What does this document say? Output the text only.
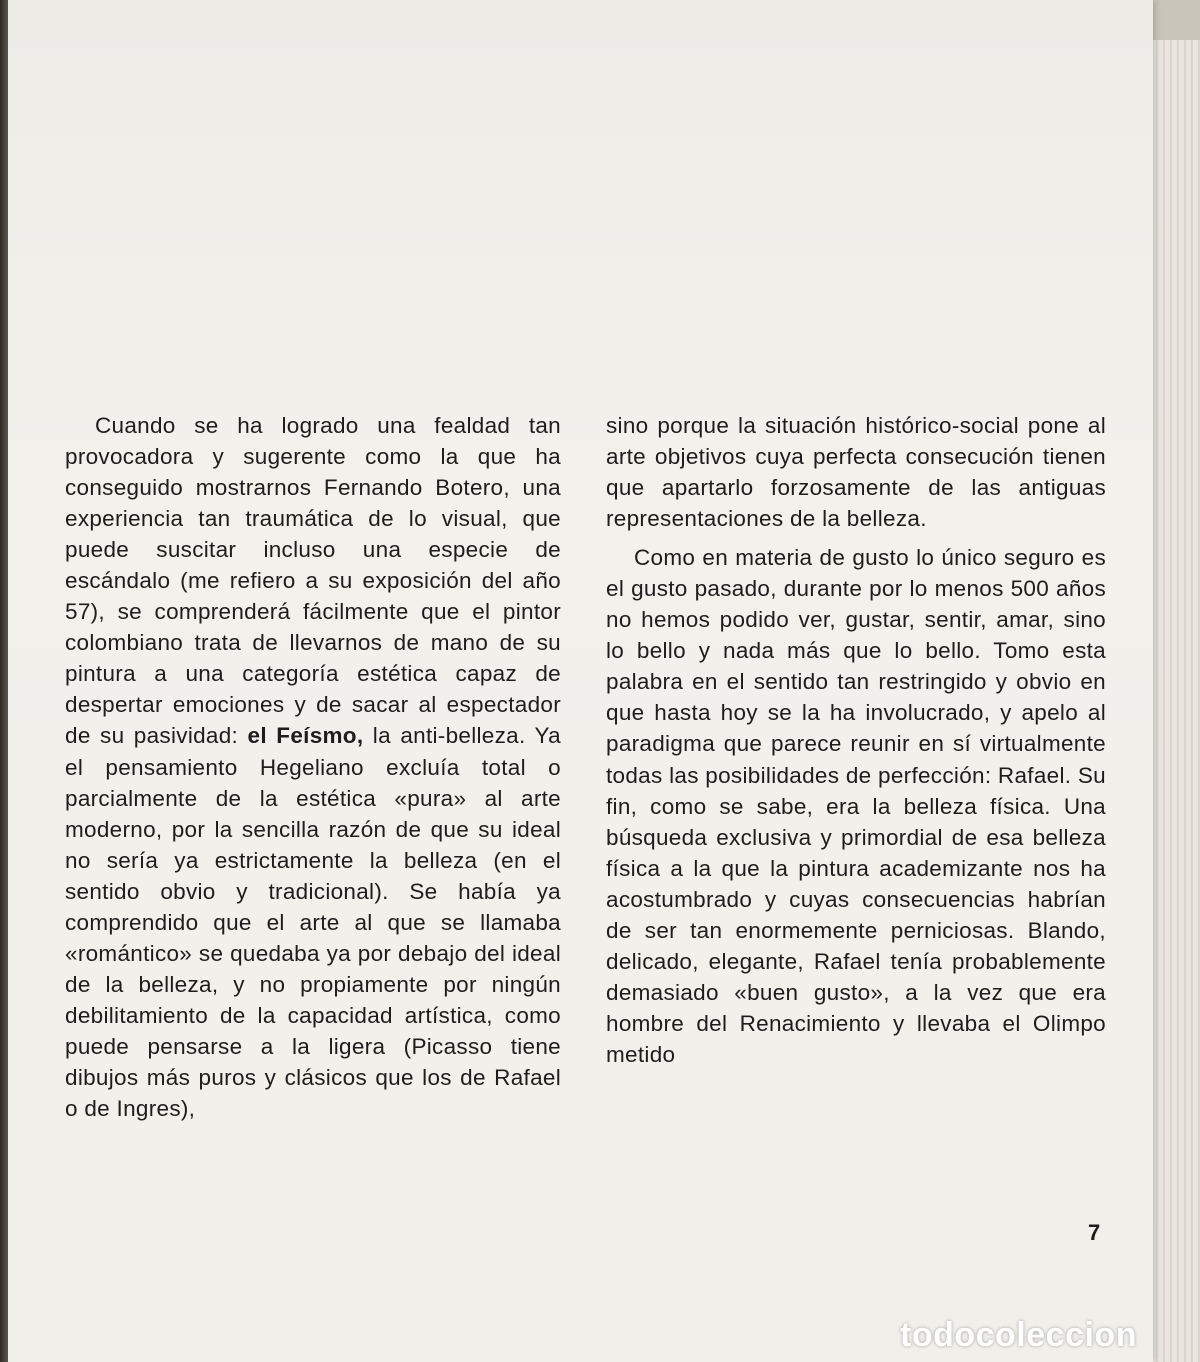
Cuando se ha logrado una fealdad tan provocadora y sugerente como la que ha conseguido mostrarnos Fernando Botero, una experiencia tan traumática de lo visual, que puede suscitar incluso una especie de escándalo (me refiero a su exposición del año 57), se comprenderá fácilmente que el pintor colombiano trata de llevarnos de mano de su pintura a una categoría estética capaz de despertar emociones y de sacar al espectador de su pasividad: el Feísmo, la anti-belleza. Ya el pensamiento Hegeliano excluía total o parcialmente de la estética «pura» al arte moderno, por la sencilla razón de que su ideal no sería ya estrictamente la belleza (en el sentido obvio y tradicional). Se había ya comprendido que el arte al que se llamaba «romántico» se quedaba ya por debajo del ideal de la belleza, y no propiamente por ningún debilitamiento de la capacidad artística, como puede pensarse a la ligera (Picasso tiene dibujos más puros y clásicos que los de Rafael o de Ingres),

sino porque la situación histórico-social pone al arte objetivos cuya perfecta consecución tienen que apartarlo forzosamente de las antiguas representaciones de la belleza.

Como en materia de gusto lo único seguro es el gusto pasado, durante por lo menos 500 años no hemos podido ver, gustar, sentir, amar, sino lo bello y nada más que lo bello. Tomo esta palabra en el sentido tan restringido y obvio en que hasta hoy se la ha involucrado, y apelo al paradigma que parece reunir en sí virtualmente todas las posibilidades de perfección: Rafael. Su fin, como se sabe, era la belleza física. Una búsqueda exclusiva y primordial de esa belleza física a la que la pintura academizante nos ha acostumbrado y cuyas consecuencias habrían de ser tan enormemente perniciosas. Blando, delicado, elegante, Rafael tenía probablemente demasiado «buen gusto», a la vez que era hombre del Renacimiento y llevaba el Olimpo metido

7
todocoleccion
